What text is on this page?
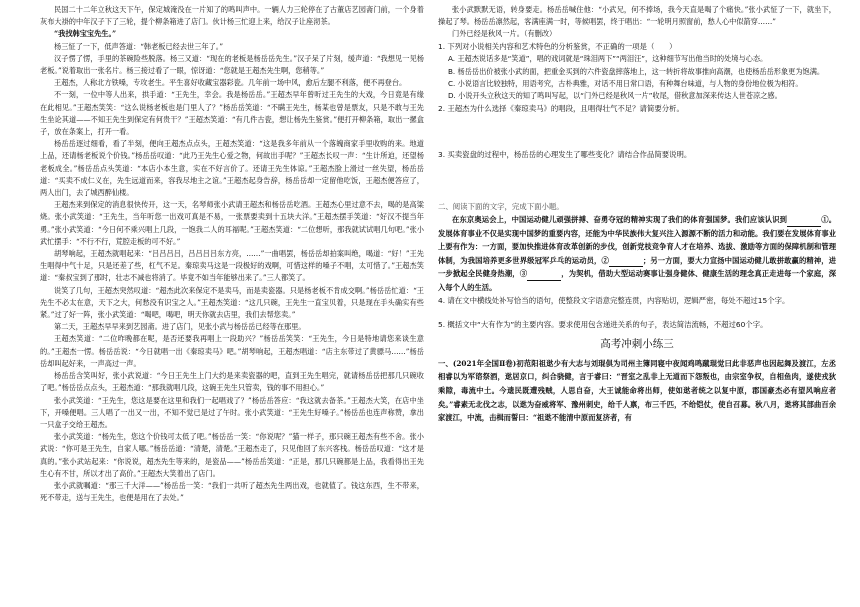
民国二十二年立秋这天下午，保定城淹没在一片知了的鸣叫声中。一辆人力三轮停在了古董店艺园斋门前，一个身着灰布大褂的中年汉子下了三轮，提个柳条箱进了店门。伙计杨三忙迎上来，给汉子让座沏茶。

“我找韩宝宝先生。”

杨三怔了一下，低声答道：“韩老板已经去世三年了。”

汉子愣了愣，手里的茶碗险些脱落。杨三又道：“现在的老板是杨岳岳先生。”汉子呆了片刻，缓声道：“我想见一见杨老板。”说着取出一张名片。杨三接过看了一眼，惊讶道：“您就是王超杰先生啊，您稍等。”

王超杰，人称北方铁嗓，专攻老生。平生喜好收藏宝器彩瓷。几年前一场中风，愈后左腿不利落，便不再登台。

不一刻，一位中等人出来，拱手道：“王先生，幸会。我是杨岳岳。”王超杰早年曾听过王先生的大戏，今日竟是有缘在此相见。”王超杰笑笑：“这么说杨老板也是门里人了？”杨岳岳笑道：“不瞒王先生，杨某也曾是票友，只是不敢与王先生坐论其道——不知王先生到保定有何贵干？”王超杰笑道：“有几件古瓷，想让杨先生鉴赏。”便打开柳条箱，取出一摞盒子，放在条案上，打开一看。

杨岳岳逐过细看，看了半刻，便向王超杰点点头，王超杰笑道：“这是我多年前从一个落魄商家手里收购的来。地道上品，还请杨老板说个价钱。”杨岳岳叹道：“此乃王先生心爱之物，何故出手呢？”王超杰长叹一声：“生计所迫，还望杨老板成全。”杨岳岳点头笑道：“本店小本生意，实在不好言价了。还请王先生体谅。”王超杰脸上滑过一丝失望，杨岳岳道：“买卖不成仁义在，先生远道而来，容我尽地主之谊。”王超杰起身告辞，杨岳岳却一定留他吃饭，王超杰便答应了，两人出门，去了城西醉仙楼。

王超杰来到保定的消息很快传开，这一天，名琴师张小武请王超杰和杨岳岳吃酒。王超杰心里过意不去，喝的是高粱烧。张小武笑道：“王先生，当年听您一出戏可真是不易，一张票要卖到十五块大洋。”王超杰摆手笑道：“好汉不提当年勇。”张小武笑道：“今日何不乘兴唱上几段，一饱我二人的耳福呢。”王超杰笑道：“二位想听，那我就试试唱几句吧。”张小武忙摆手：“不行不行，荒腔走板的可不好。”

胡琴响起，王超杰就唱起来：“吕吕吕吕，吕吕吕吕东方亮，……”一曲唱罢，杨岳岳却拍案叫绝，喝道：“好！”王先生唱得中气十足，只是还差了些，杠气不足。秦琼卖马这是一段极好的戏啊，可惜这样的嗓子不唱，太可惜了。”王超杰笑道：“秦叔宝到了那时，壮志不减也将消了。毕竟不如当年能够出来了。”三人都笑了。

说笑了几句，王超杰突然叹道：“超杰此次来保定不是卖马，而是卖瓷器。只是杨老板不肯成交啊。”杨岳岳忙道：“王先生不必太在意，天下之大，何愁没有识宝之人。”王超杰笑道：“这几只碗，王先生一直宝贝着，只是现在手头确实有些紧。”过了好一阵，张小武笑道：“喝吧，喝吧，明天你就去店里，我们去帮您卖。”

第二天，王超杰早早来到艺园斋。进了店门，见张小武与杨岳岳已经等在那里。

王超杰笑道：“二位昨晚都在呢，是否还要我再唱上一段助兴？”杨岳岳笑笑：“王先生，今日是特地请您来谈生意的。”王超杰一愣。杨岳岳说：“今日就唱一出《秦琼卖马》吧。”胡琴响起，王超杰唱道：“店主东带过了黄骠马……”杨岳岳却叫起好来，一声高过一声。

杨岳岳含笑叫好，张小武说道：“今日王先生上门大约是来卖瓷器的吧，直到王先生唱完，就请杨岳岳把那几只碗收了吧。”杨岳岳点点头，王超杰道：“那我就唱几段，这碗王先生只管卖，钱的事不用担心。”

张小武笑道：“王先生，您这是要在这里和我们一起唱戏了？”杨岳岳答应：“我这就去备茶。”王超杰大笑，在店中坐下，开嗓便唱。三人唱了一出又一出，不知不觉已是过了午时。张小武笑道：“王先生好嗓子。”杨岳岳也连声称赞，拿出一只盒子交给王超杰。

张小武笑道：“杨先生，您这个价钱可太低了吧。”杨岳岳一笑：“你说呢？”猫一样子，那只碗王超杰有些不舍。张小武说：“你可是王先生，自家人哪。”杨岳岳道：“清楚，清楚。”王超杰走了，只见他回了东兴客栈。杨岳岳叹道：“这才是真的。”张小武站起来：“你说说，超杰先生等来的，是瓷品——”杨岳岳笑道：“正是，那几只碗都是上品，我看得出王先生心有不甘，所以才出了高价。”王超杰大笑着出了店门。

张小武就嘱道：“那三千大洋——”杨岳岳一笑：“我们一共听了超杰先生两出戏，也就值了。钱这东西，生不带来，死不带走，送与王先生，也便是用在了去处。”

张小武默默无语，转身要走。杨岳岳喊住他：“小武兄，何不捧场，我今天直是喝了个痛快。”张小武怔了一下，就坐下，操起了琴。杨岳岳凛然起，客满座满一时，等候唱罢，终于唱出：“一轮明月照窗前，愁人心中似箭穿……”

门外已经是秋风一片。（有删改）

1. 下列对小说相关内容和艺术特色的分析鉴赏，不正确的一项是（　　）

A. 王超杰说话多是“笑道”，唱的戏词就是“珠泪两下”“两泪汪”，这种细节写出他当时的处境与心态。

B. 杨岳岳出价被张小武的面，把重金买到的六件瓷盘摔落地上，这一转折将故事推向高潮，也使杨岳岳形象更为饱满。

C. 小说语言比较独特，用语考究，古朴典雅，对话不用日常口语，有种舞台味道，与人物的身份地位极为相符。

D. 小说开头立秋这天的知了鸣叫写起，以“门外已经是秋风一片”收尾，借秋意加深来传达人世苍凉之感。

2. 王超杰为什么选择《秦琼卖马》的唱段，且唱得壮气不足？请简要分析。

3. 买卖瓷盘的过程中，杨岳岳的心理发生了哪些变化？请结合作品简要说明。

二、阅读下面的文字，完成下面小题。

在东京奥运会上，中国运动健儿顽强拼搏、奋勇夺冠的精神实现了我们的体育强国梦。我们应该认识到	①。发展体育事业不仅是实现中国梦的重要内容，还能为中华民族伟大复兴注入源源不断的活力和动能。我们要在发展体育事业上要有作为：一方面，要加快推进体育改革创新的步伐，创新党枝竞争育人才在培养、选拔、激励等方面的保障机制和管理体制，为我国培养更多世界级冠军乒乓的运动员，②	；另一方面，要大力宣扬中国运动健儿敢拼敢赢的精神，进一步掀起全民健身热潮，③	，为契机，借助大型运动赛事让强身健体、健康生活的理念真正走进每一个家庭，深入每个人的生活。

4. 请在文中横线处补写恰当的语句，使整段文字语意完整连贯，内容贴切，逻辑严密，每处不超过15个字。

5. 概括文中“大有作为”的主要内容。要求使用包含递进关系的句子，表达简洁流畅，不超过60个字。

高考冲刺小练三

一、(2021年全国Ⅱ卷)初范阳祖逖少有大志与刘琨俱为司州主簿同寝中夜闻鸡鸣蹴琨觉曰此非恶声也因起舞及渡江，左丞相睿以为军谘祭酒，逖居京口，纠合骁健，言于睿曰：“晋室之乱非上无道而下怨叛也，由宗室争权，自相鱼肉，遂使戎狄乘隙，毒流中土。今遗民既遭残贼，人思自奋，大王诚能命将出师，使如逖者统之以复中原，郡国豪杰必有望风响应者矣。”睿素无北伐之志，以逖为奋威将军、豫州刺史，给千人禀，布三千匹，不给铠仗，使自召募。秋八月，逖将其部曲百余家渡江，中流，击楫而誓曰：“祖逖不能清中原而复济者，有
